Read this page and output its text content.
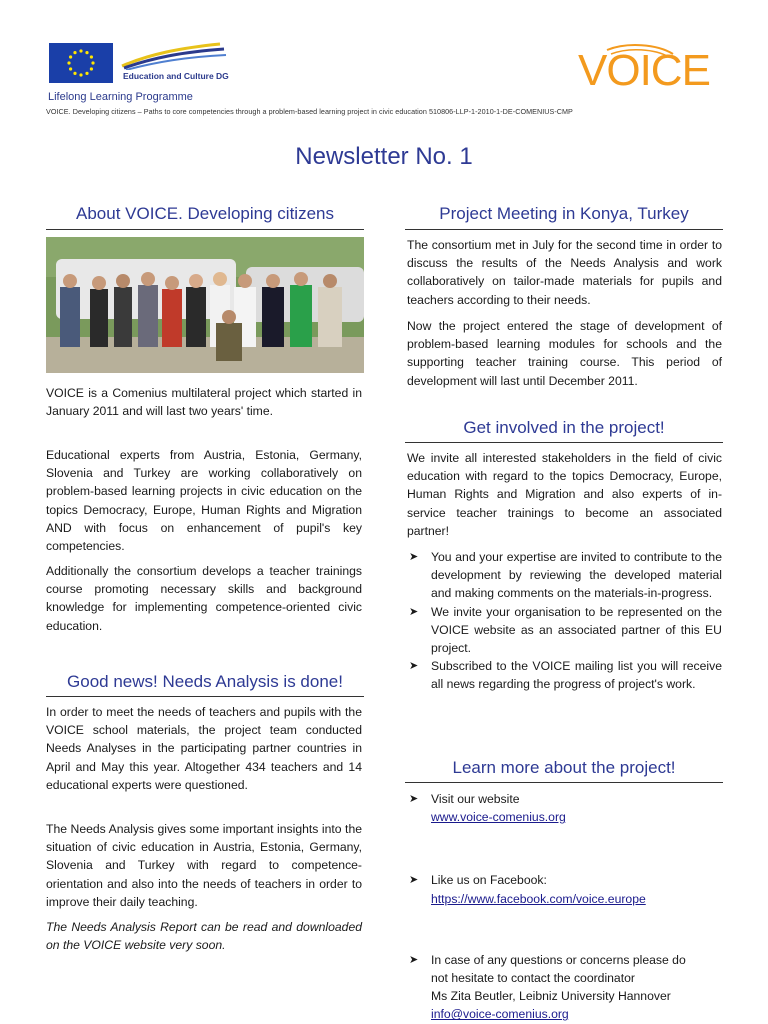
Education and Culture DG
Lifelong Learning Programme
VOICE
VOICE. Developing citizens – Paths to core competencies through a problem-based learning project in civic education 510806-LLP-1-2010-1-DE-COMENIUS-CMP
Newsletter No. 1
About VOICE. Developing citizens
VOICE is a Comenius multilateral project which started in January 2011 and will last two years' time.
Educational experts from Austria, Estonia, Germany, Slovenia and Turkey are working collaboratively on problem-based learning projects in civic education on the topics Democracy, Europe, Human Rights and Migration AND with focus on enhancement of pupil's key competencies.
Additionally the consortium develops a teacher trainings course promoting necessary skills and background knowledge for implementing competence-oriented civic education.
Good news! Needs Analysis is done!
In order to meet the needs of teachers and pupils with the VOICE school materials, the project team conducted Needs Analyses in the participating partner countries in April and May this year. Altogether 434 teachers and 14 educational experts were questioned.
The Needs Analysis gives some important insights into the situation of civic education in Austria, Estonia, Germany, Slovenia and Turkey with regard to competence-orientation and also into the needs of teachers in order to improve their daily teaching.
The Needs Analysis Report can be read and downloaded on the VOICE website very soon.
Project Meeting in Konya, Turkey
The consortium met in July for the second time in order to discuss the results of the Needs Analysis and work collaboratively on tailor-made materials for pupils and teachers according to their needs.
Now the project entered the stage of development of problem-based learning modules for schools and the supporting teacher training course. This period of development will last until December 2011.
Get involved in the project!
We invite all interested stakeholders in the field of civic education with regard to the topics Democracy, Europe, Human Rights and Migration and also experts of in-service teacher trainings to become an associated partner!
➤ You and your expertise are invited to contribute to the development by reviewing the developed material and making comments on the materials-in-progress.
➤ We invite your organisation to be represented on the VOICE website as an associated partner of this EU project.
➤ Subscribed to the VOICE mailing list you will receive all news regarding the progress of project's work.
Learn more about the project!
➤ Visit our website
www.voice-comenius.org
➤ Like us on Facebook:
https://www.facebook.com/voice.europe
➤ In case of any questions or concerns please do
not hesitate to contact the coordinator
Ms Zita Beutler, Leibniz University Hannover
info@voice-comenius.org
